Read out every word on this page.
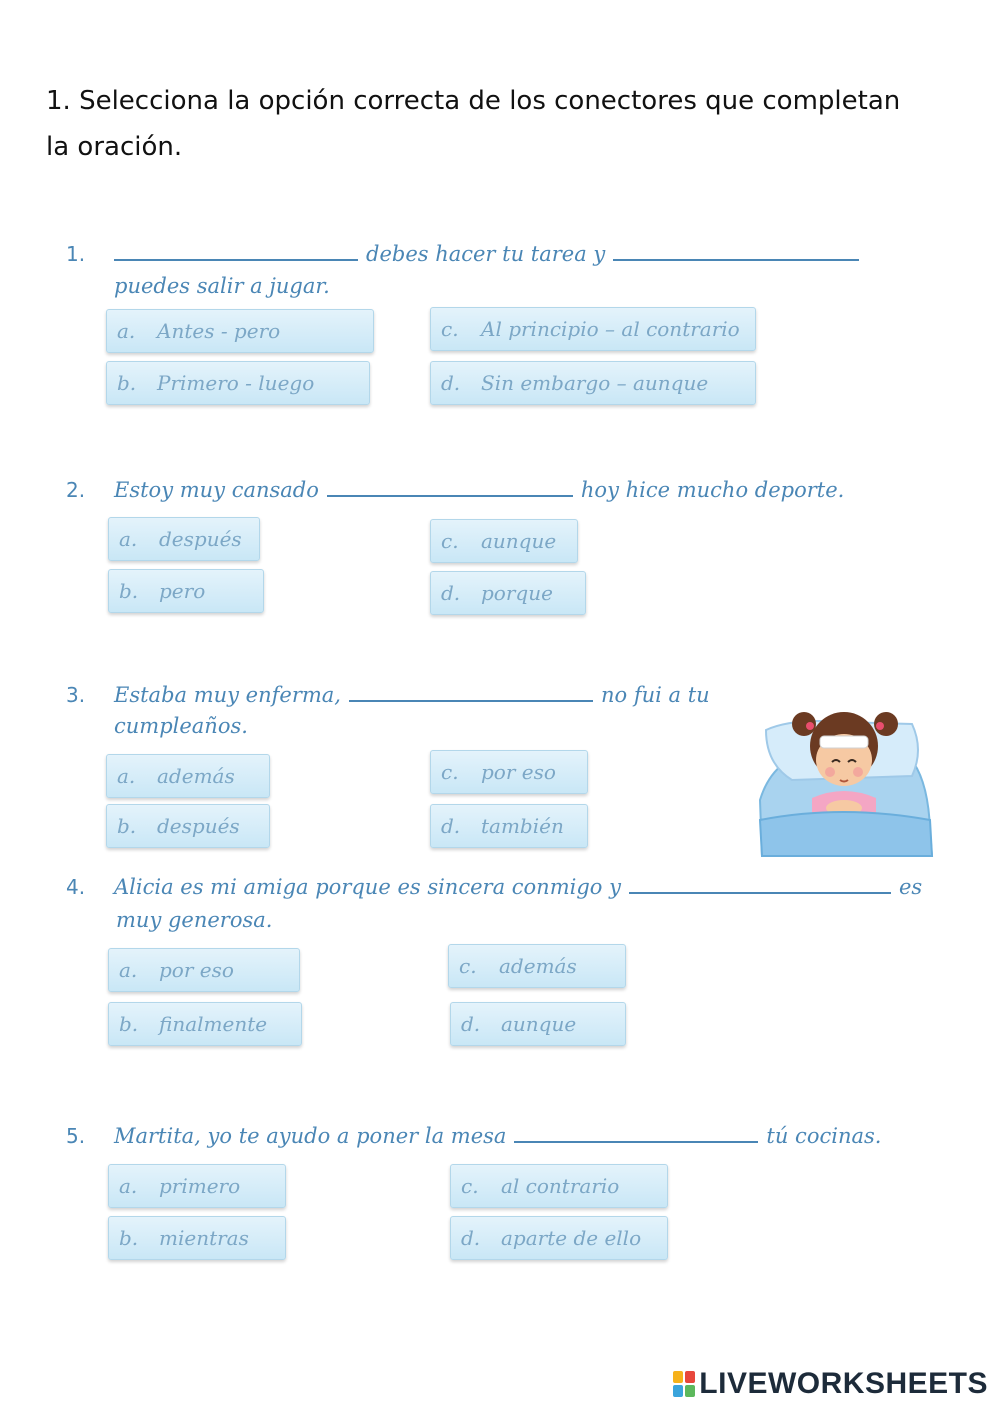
1. Selecciona la opción correcta de los conectores que completan
la oración.
1.	debes hacer tu tarea y
puedes salir a jugar.
a. Antes - pero
b. Primero - luego
c. Al principio – al contrario
d. Sin embargo – aunque
2. Estoy muy cansado	hoy hice mucho deporte.
a. después
b. pero
c. aunque
d. porque
3. Estaba muy enferma,	no fui a tu
cumpleaños.
a. además
b. después
c. por eso
d. también
4. Alicia es mi amiga porque es sincera conmigo y	es
muy generosa.
a. por eso
b. finalmente
c. además
d. aunque
5. Martita, yo te ayudo a poner la mesa	tú cocinas.
a. primero
b. mientras
c. al contrario
d. aparte de ello
LIVEWORKSHEETS
